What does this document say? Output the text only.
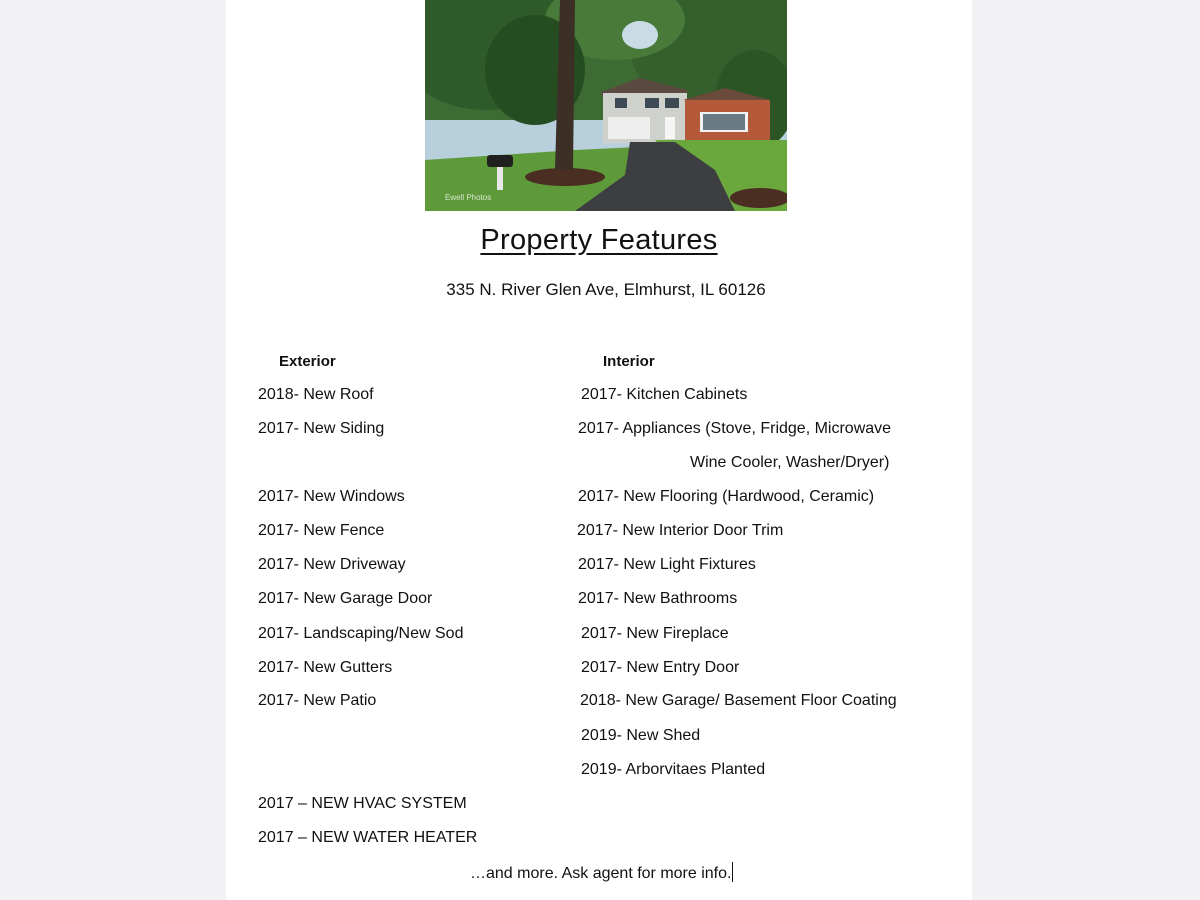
Ewell Photos
Property Features
335 N. River Glen Ave, Elmhurst, IL 60126
Exterior
2018- New Roof
2017- New Siding
2017- New Windows
2017- New Fence
2017- New Driveway
2017- New Garage Door
2017- Landscaping/New Sod
2017- New Gutters
2017- New Patio
Interior
2017- Kitchen Cabinets
2017- Appliances (Stove, Fridge, Microwave
Wine Cooler, Washer/Dryer)
2017- New Flooring (Hardwood, Ceramic)
2017- New Interior Door Trim
2017- New Light Fixtures
2017- New Bathrooms
2017- New Fireplace
2017- New Entry Door
2018- New Garage/ Basement Floor Coating
2019- New Shed
2019- Arborvitaes Planted
2017 – NEW HVAC SYSTEM
2017 – NEW WATER HEATER
…and more. Ask agent for more info.
